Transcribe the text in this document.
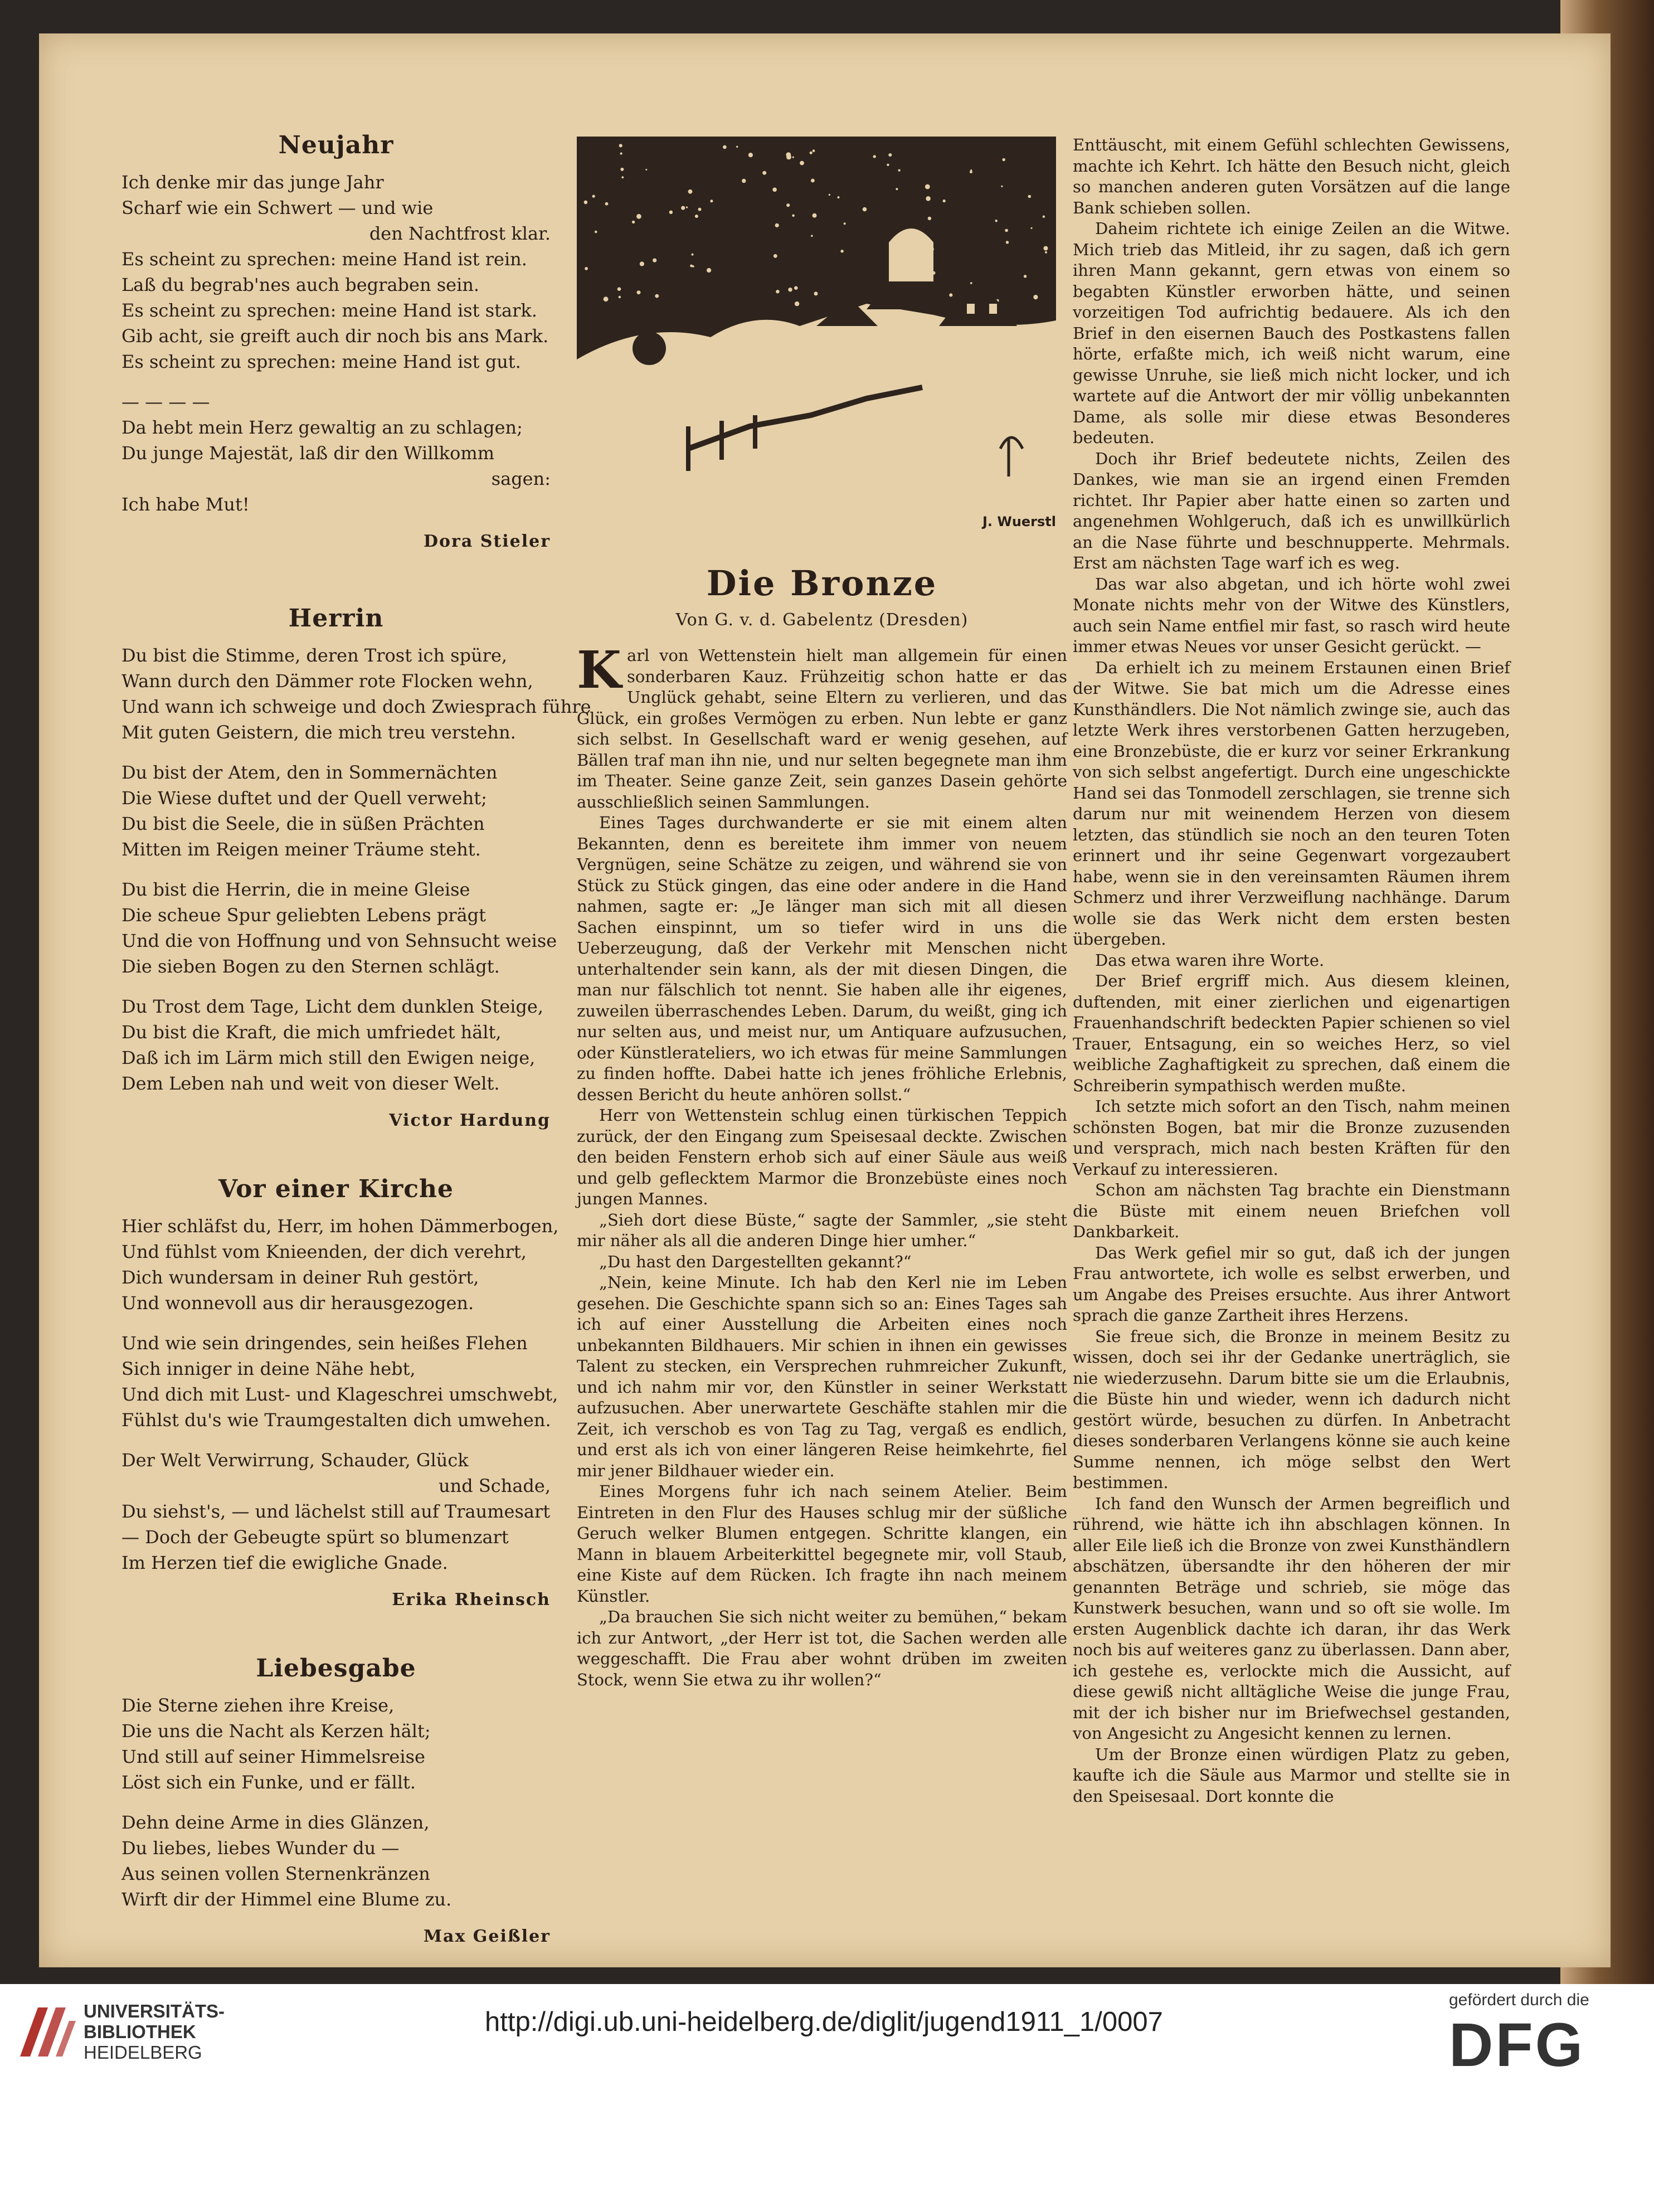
Neujahr
Ich denke mir das junge Jahr
Scharf wie ein Schwert — und wie
den Nachtfrost klar.
Es scheint zu sprechen: meine Hand ist rein.
Laß du begrab'nes auch begraben sein.
Es scheint zu sprechen: meine Hand ist stark.
Gib acht, sie greift auch dir noch bis ans Mark.
Es scheint zu sprechen: meine Hand ist gut.
— — — —
Da hebt mein Herz gewaltig an zu schlagen;
Du junge Majestät, laß dir den Willkomm
sagen:
Ich habe Mut!
Dora Stieler
Herrin
Du bist die Stimme, deren Trost ich spüre,
Wann durch den Dämmer rote Flocken wehn,
Und wann ich schweige und doch Zwiesprach führe
Mit guten Geistern, die mich treu verstehn.
Du bist der Atem, den in Sommernächten
Die Wiese duftet und der Quell verweht;
Du bist die Seele, die in süßen Prächten
Mitten im Reigen meiner Träume steht.
Du bist die Herrin, die in meine Gleise
Die scheue Spur geliebten Lebens prägt
Und die von Hoffnung und von Sehnsucht weise
Die sieben Bogen zu den Sternen schlägt.
Du Trost dem Tage, Licht dem dunklen Steige,
Du bist die Kraft, die mich umfriedet hält,
Daß ich im Lärm mich still den Ewigen neige,
Dem Leben nah und weit von dieser Welt.
Victor Hardung
Vor einer Kirche
Hier schläfst du, Herr, im hohen Dämmerbogen,
Und fühlst vom Knieenden, der dich verehrt,
Dich wundersam in deiner Ruh gestört,
Und wonnevoll aus dir herausgezogen.
Und wie sein dringendes, sein heißes Flehen
Sich inniger in deine Nähe hebt,
Und dich mit Lust- und Klageschrei umschwebt,
Fühlst du's wie Traumgestalten dich umwehen.
Der Welt Verwirrung, Schauder, Glück
und Schade,
Du siehst's, — und lächelst still auf Traumesart
— Doch der Gebeugte spürt so blumenzart
Im Herzen tief die ewigliche Gnade.
Erika Rheinsch
Liebesgabe
Die Sterne ziehen ihre Kreise,
Die uns die Nacht als Kerzen hält;
Und still auf seiner Himmelsreise
Löst sich ein Funke, und er fällt.
Dehn deine Arme in dies Glänzen,
Du liebes, liebes Wunder du —
Aus seinen vollen Sternenkränzen
Wirft dir der Himmel eine Blume zu.
Max Geißler
J. Wuerstl
Die Bronze
Von G. v. d. Gabelentz (Dresden)

Karl von Wettenstein hielt man allgemein für einen sonderbaren Kauz. Frühzeitig schon hatte er das Unglück gehabt, seine Eltern zu verlieren, und das Glück, ein großes Vermögen zu erben. Nun lebte er ganz sich selbst. In Gesellschaft ward er wenig gesehen, auf Bällen traf man ihn nie, und nur selten begegnete man ihm im Theater. Seine ganze Zeit, sein ganzes Dasein gehörte ausschließlich seinen Sammlungen.

Eines Tages durchwanderte er sie mit einem alten Bekannten, denn es bereitete ihm immer von neuem Vergnügen, seine Schätze zu zeigen, und während sie von Stück zu Stück gingen, das eine oder andere in die Hand nahmen, sagte er: „Je länger man sich mit all diesen Sachen einspinnt, um so tiefer wird in uns die Ueberzeugung, daß der Verkehr mit Menschen nicht unterhaltender sein kann, als der mit diesen Dingen, die man nur fälschlich tot nennt. Sie haben alle ihr eigenes, zuweilen überraschendes Leben. Darum, du weißt, ging ich nur selten aus, und meist nur, um Antiquare aufzusuchen, oder Künstlerateliers, wo ich etwas für meine Sammlungen zu finden hoffte. Dabei hatte ich jenes fröhliche Erlebnis, dessen Bericht du heute anhören sollst.“

Herr von Wettenstein schlug einen türkischen Teppich zurück, der den Eingang zum Speisesaal deckte. Zwischen den beiden Fenstern erhob sich auf einer Säule aus weiß und gelb geflecktem Marmor die Bronzebüste eines noch jungen Mannes.

„Sieh dort diese Büste,“ sagte der Sammler, „sie steht mir näher als all die anderen Dinge hier umher.“

„Du hast den Dargestellten gekannt?“

„Nein, keine Minute. Ich hab den Kerl nie im Leben gesehen. Die Geschichte spann sich so an: Eines Tages sah ich auf einer Ausstellung die Arbeiten eines noch unbekannten Bildhauers. Mir schien in ihnen ein gewisses Talent zu stecken, ein Versprechen ruhmreicher Zukunft, und ich nahm mir vor, den Künstler in seiner Werkstatt aufzusuchen. Aber unerwartete Geschäfte stahlen mir die Zeit, ich verschob es von Tag zu Tag, vergaß es endlich, und erst als ich von einer längeren Reise heimkehrte, fiel mir jener Bildhauer wieder ein.

Eines Morgens fuhr ich nach seinem Atelier. Beim Eintreten in den Flur des Hauses schlug mir der süßliche Geruch welker Blumen entgegen. Schritte klangen, ein Mann in blauem Arbeiterkittel begegnete mir, voll Staub, eine Kiste auf dem Rücken. Ich fragte ihn nach meinem Künstler.

„Da brauchen Sie sich nicht weiter zu bemühen,“ bekam ich zur Antwort, „der Herr ist tot, die Sachen werden alle weggeschafft. Die Frau aber wohnt drüben im zweiten Stock, wenn Sie etwa zu ihr wollen?“

Enttäuscht, mit einem Gefühl schlechten Gewissens, machte ich Kehrt. Ich hätte den Besuch nicht, gleich so manchen anderen guten Vorsätzen auf die lange Bank schieben sollen.

Daheim richtete ich einige Zeilen an die Witwe. Mich trieb das Mitleid, ihr zu sagen, daß ich gern ihren Mann gekannt, gern etwas von einem so begabten Künstler erworben hätte, und seinen vorzeitigen Tod aufrichtig bedauere. Als ich den Brief in den eisernen Bauch des Postkastens fallen hörte, erfaßte mich, ich weiß nicht warum, eine gewisse Unruhe, sie ließ mich nicht locker, und ich wartete auf die Antwort der mir völlig unbekannten Dame, als solle mir diese etwas Besonderes bedeuten.

Doch ihr Brief bedeutete nichts, Zeilen des Dankes, wie man sie an irgend einen Fremden richtet. Ihr Papier aber hatte einen so zarten und angenehmen Wohlgeruch, daß ich es unwillkürlich an die Nase führte und beschnupperte. Mehrmals. Erst am nächsten Tage warf ich es weg.

Das war also abgetan, und ich hörte wohl zwei Monate nichts mehr von der Witwe des Künstlers, auch sein Name entfiel mir fast, so rasch wird heute immer etwas Neues vor unser Gesicht gerückt. —

Da erhielt ich zu meinem Erstaunen einen Brief der Witwe. Sie bat mich um die Adresse eines Kunsthändlers. Die Not nämlich zwinge sie, auch das letzte Werk ihres verstorbenen Gatten herzugeben, eine Bronzebüste, die er kurz vor seiner Erkrankung von sich selbst angefertigt. Durch eine ungeschickte Hand sei das Tonmodell zerschlagen, sie trenne sich darum nur mit weinendem Herzen von diesem letzten, das stündlich sie noch an den teuren Toten erinnert und ihr seine Gegenwart vorgezaubert habe, wenn sie in den vereinsamten Räumen ihrem Schmerz und ihrer Verzweiflung nachhänge. Darum wolle sie das Werk nicht dem ersten besten übergeben.

Das etwa waren ihre Worte.

Der Brief ergriff mich. Aus diesem kleinen, duftenden, mit einer zierlichen und eigenartigen Frauenhandschrift bedeckten Papier schienen so viel Trauer, Entsagung, ein so weiches Herz, so viel weibliche Zaghaftigkeit zu sprechen, daß einem die Schreiberin sympathisch werden mußte.

Ich setzte mich sofort an den Tisch, nahm meinen schönsten Bogen, bat mir die Bronze zuzusenden und versprach, mich nach besten Kräften für den Verkauf zu interessieren.

Schon am nächsten Tag brachte ein Dienstmann die Büste mit einem neuen Briefchen voll Dankbarkeit.

Das Werk gefiel mir so gut, daß ich der jungen Frau antwortete, ich wolle es selbst erwerben, und um Angabe des Preises ersuchte. Aus ihrer Antwort sprach die ganze Zartheit ihres Herzens.

Sie freue sich, die Bronze in meinem Besitz zu wissen, doch sei ihr der Gedanke unerträglich, sie nie wiederzusehn. Darum bitte sie um die Erlaubnis, die Büste hin und wieder, wenn ich dadurch nicht gestört würde, besuchen zu dürfen. In Anbetracht dieses sonderbaren Verlangens könne sie auch keine Summe nennen, ich möge selbst den Wert bestimmen.

Ich fand den Wunsch der Armen begreiflich und rührend, wie hätte ich ihn abschlagen können. In aller Eile ließ ich die Bronze von zwei Kunsthändlern abschätzen, übersandte ihr den höheren der mir genannten Beträge und schrieb, sie möge das Kunstwerk besuchen, wann und so oft sie wolle. Im ersten Augenblick dachte ich daran, ihr das Werk noch bis auf weiteres ganz zu überlassen. Dann aber, ich gestehe es, verlockte mich die Aussicht, auf diese gewiß nicht alltägliche Weise die junge Frau, mit der ich bisher nur im Briefwechsel gestanden, von Angesicht zu Angesicht kennen zu lernen.

Um der Bronze einen würdigen Platz zu geben, kaufte ich die Säule aus Marmor und stellte sie in den Speisesaal. Dort konnte die

UNIVERSITÄTS-
BIBLIOTHEK
HEIDELBERG
http://digi.ub.uni-heidelberg.de/diglit/jugend1911_1/0007
gefördert durch die
DFG
